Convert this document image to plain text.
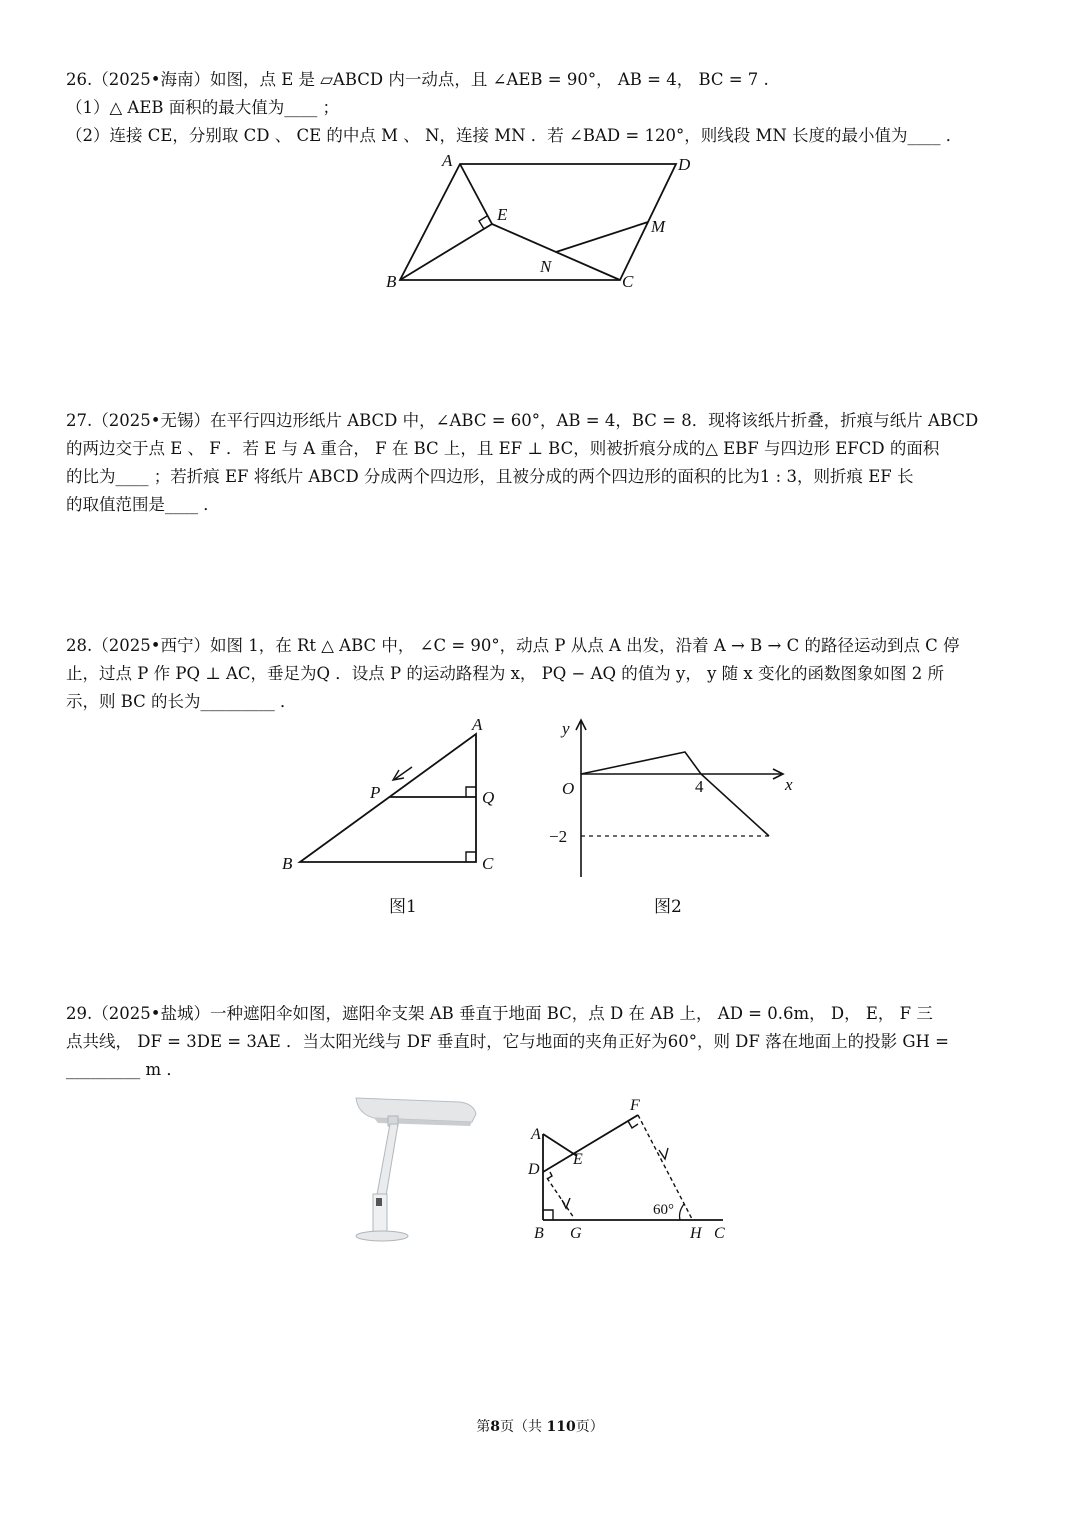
26.（2025•海南）如图，点 E 是 ▱ABCD 内一动点，且 ∠AEB = 90°， AB = 4， BC = 7 .

（1）△ AEB 面积的最大值为____ ；

（2）连接 CE，分别取 CD 、 CE 的中点 M 、 N，连接 MN ．若 ∠BAD = 120°，则线段 MN 长度的最小值为____ ．

A	D
E
M
N
B	C

27.（2025•无锡）在平行四边形纸片 ABCD 中，∠ABC = 60°，AB = 4，BC = 8．现将该纸片折叠，折痕与纸片 ABCD

的两边交于点 E 、 F ．若 E 与 A 重合， F 在 BC 上，且 EF ⊥ BC，则被折痕分成的△ EBF 与四边形 EFCD 的面积

的比为____ ；若折痕 EF 将纸片 ABCD 分成两个四边形，且被分成的两个四边形的面积的比为1 : 3，则折痕 EF 长

的取值范围是____ ．

28.（2025•西宁）如图 1，在 Rt △ ABC 中， ∠C = 90°，动点 P 从点 A 出发，沿着 A → B → C 的路径运动到点 C 停

止，过点 P 作 PQ ⊥ AC，垂足为Q ．设点 P 的运动路程为 x， PQ − AQ 的值为 y， y 随 x 变化的函数图象如图 2 所

示，则 BC 的长为_________ ．

A
P	Q
B	C
图1
y
x
O	4
−2
图2

29.（2025•盐城）一种遮阳伞如图，遮阳伞支架 AB 垂直于地面 BC，点 D 在 AB 上， AD = 0.6m， D， E， F 三

点共线， DF = 3DE = 3AE ．当太阳光线与 DF 垂直时，它与地面的夹角正好为60°，则 DF 落在地面上的投影 GH =

_________ m ．

A
D
E
F
B G	H C
60°
第8页（共 110页）
